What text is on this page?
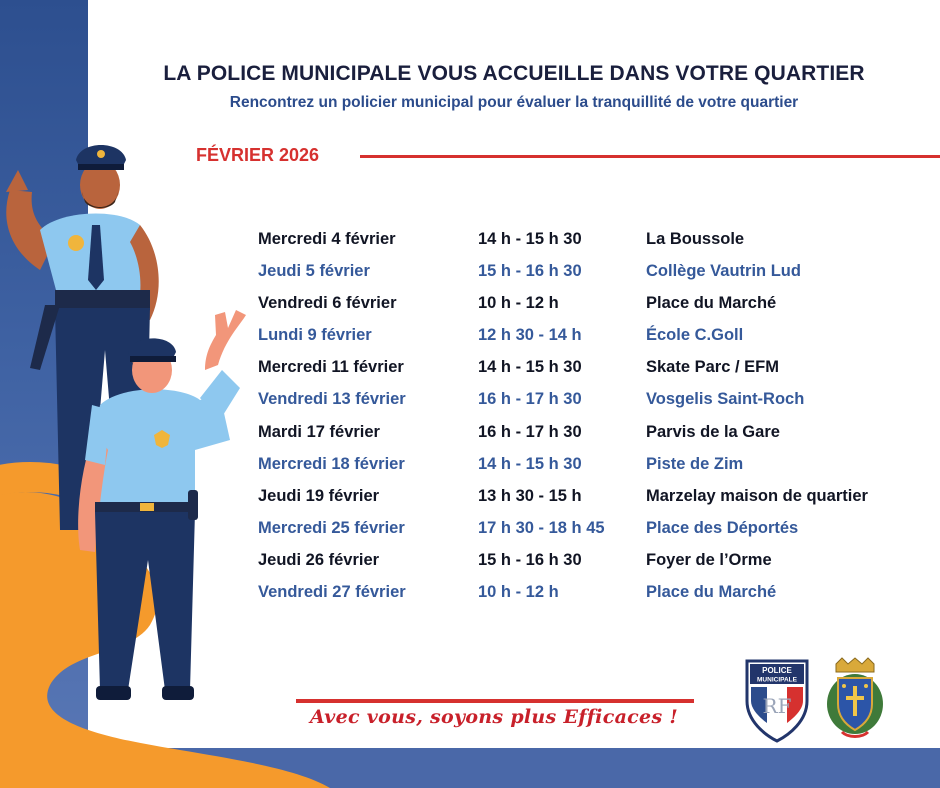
LA POLICE MUNICIPALE VOUS ACCUEILLE DANS VOTRE QUARTIER
Rencontrez un policier municipal pour évaluer la tranquillité de votre quartier
FÉVRIER 2026
Mercredi 4 février	14 h - 15 h 30	La Boussole
Jeudi 5 février	15 h - 16 h 30	Collège Vautrin Lud
Vendredi 6 février	10 h - 12 h	Place du Marché
Lundi 9 février	12 h 30 - 14 h	École C.Goll
Mercredi 11 février	14 h - 15 h 30	Skate Parc / EFM
Vendredi 13 février	16 h - 17 h 30	Vosgelis Saint-Roch
Mardi 17 février	16 h - 17 h 30	Parvis de la Gare
Mercredi 18 février	14 h - 15 h 30	Piste de Zim
Jeudi 19 février	13 h 30 - 15 h	Marzelay maison de quartier
Mercredi 25 février	17 h 30 - 18 h 45	Place des Déportés
Jeudi 26 février	15 h - 16 h 30	Foyer de l’Orme
Vendredi 27 février	10 h - 12 h	Place du Marché
Avec vous, soyons plus Efficaces !
POLICE
MUNICIPALE
RF
